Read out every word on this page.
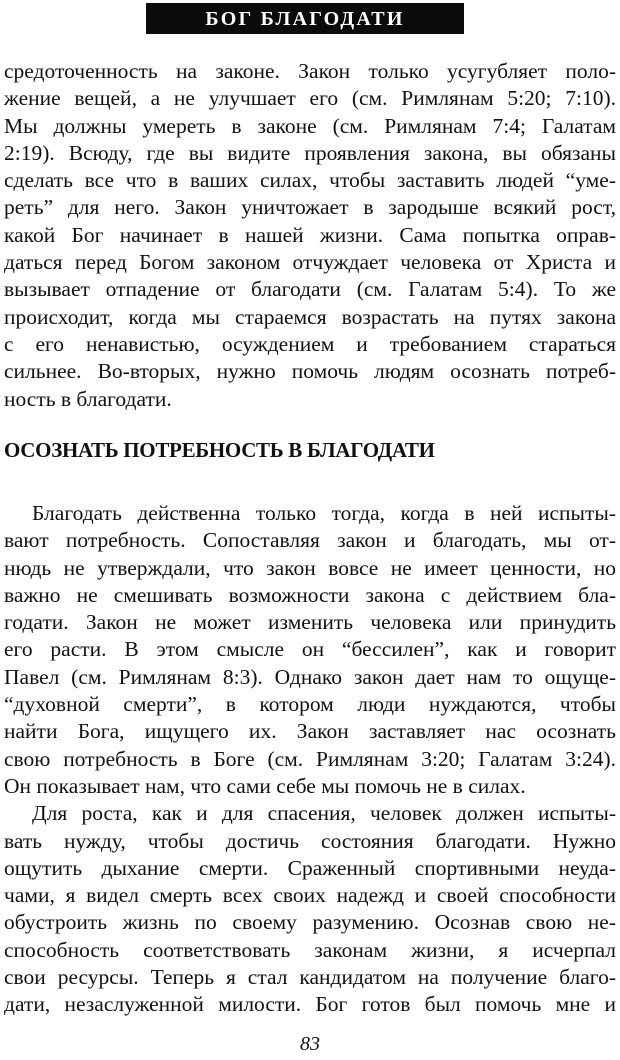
БОГ БЛАГОДАТИ
средоточенность на законе. Закон только усугубляет поло-
жение вещей, а не улучшает его (см. Римлянам 5:20; 7:10).
Мы должны умереть в законе (см. Римлянам 7:4; Галатам
2:19). Всюду, где вы видите проявления закона, вы обязаны
сделать все что в ваших силах, чтобы заставить людей “уме-
реть” для него. Закон уничтожает в зародыше всякий рост,
какой Бог начинает в нашей жизни. Сама попытка оправ-
даться перед Богом законом отчуждает человека от Христа и
вызывает отпадение от благодати (см. Галатам 5:4). То же
происходит, когда мы стараемся возрастать на путях закона
с его ненавистью, осуждением и требованием стараться
сильнее. Во-вторых, нужно помочь людям осознать потреб-
ность в благодати.
ОСОЗНАТЬ ПОТРЕБНОСТЬ В БЛАГОДАТИ
Благодать действенна только тогда, когда в ней испыты-
вают потребность. Сопоставляя закон и благодать, мы от-
нюдь не утверждали, что закон вовсе не имеет ценности, но
важно не смешивать возможности закона с действием бла-
годати. Закон не может изменить человека или принудить
его расти. В этом смысле он “бессилен”, как и говорит
Павел (см. Римлянам 8:3). Однако закон дает нам то ощуще-
“духовной смерти”, в котором люди нуждаются, чтобы
найти Бога, ищущего их. Закон заставляет нас осознать
свою потребность в Боге (см. Римлянам 3:20; Галатам 3:24).
Он показывает нам, что сами себе мы помочь не в силах.
Для роста, как и для спасения, человек должен испыты-
вать нужду, чтобы достичь состояния благодати. Нужно
ощутить дыхание смерти. Сраженный спортивными неуда-
чами, я видел смерть всех своих надежд и своей способности
обустроить жизнь по своему разумению. Осознав свою не-
способность соответствовать законам жизни, я исчерпал
свои ресурсы. Теперь я стал кандидатом на получение благо-
дати, незаслуженной милости. Бог готов был помочь мне и
83
